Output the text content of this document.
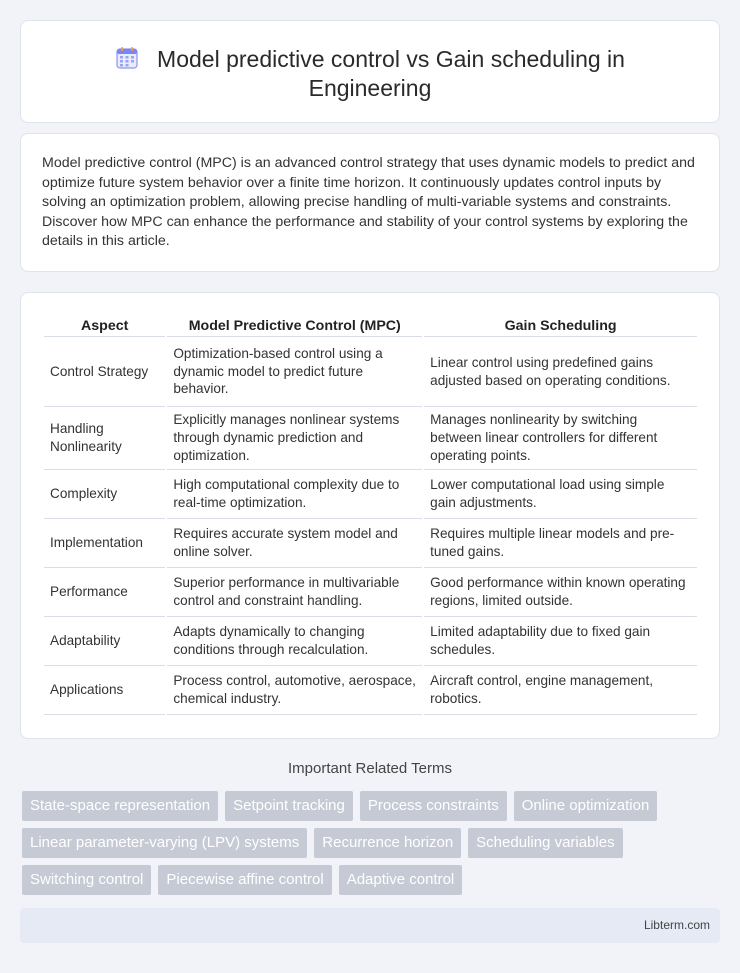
Model predictive control vs Gain scheduling in
Engineering

Model predictive control (MPC) is an advanced control strategy that uses dynamic models to predict and optimize future system behavior over a finite time horizon. It continuously updates control inputs by solving an optimization problem, allowing precise handling of multi-variable systems and constraints. Discover how MPC can enhance the performance and stability of your control systems by exploring the details in this article.

Aspect	Model Predictive Control (MPC)	Gain Scheduling
Control Strategy	Optimization-based control using a dynamic model to predict future behavior.	Linear control using predefined gains adjusted based on operating conditions.
Handling Nonlinearity	Explicitly manages nonlinear systems through dynamic prediction and optimization.	Manages nonlinearity by switching between linear controllers for different operating points.
Complexity	High computational complexity due to real-time optimization.	Lower computational load using simple gain adjustments.
Implementation	Requires accurate system model and online solver.	Requires multiple linear models and pre-tuned gains.
Performance	Superior performance in multivariable control and constraint handling.	Good performance within known operating regions, limited outside.
Adaptability	Adapts dynamically to changing conditions through recalculation.	Limited adaptability due to fixed gain schedules.
Applications	Process control, automotive, aerospace, chemical industry.	Aircraft control, engine management, robotics.
Important Related Terms
State-space representation	Setpoint tracking	Process constraints	Online optimization
Linear parameter-varying (LPV) systems	Recurrence horizon	Scheduling variables
Switching control	Piecewise affine control	Adaptive control
Libterm.com
